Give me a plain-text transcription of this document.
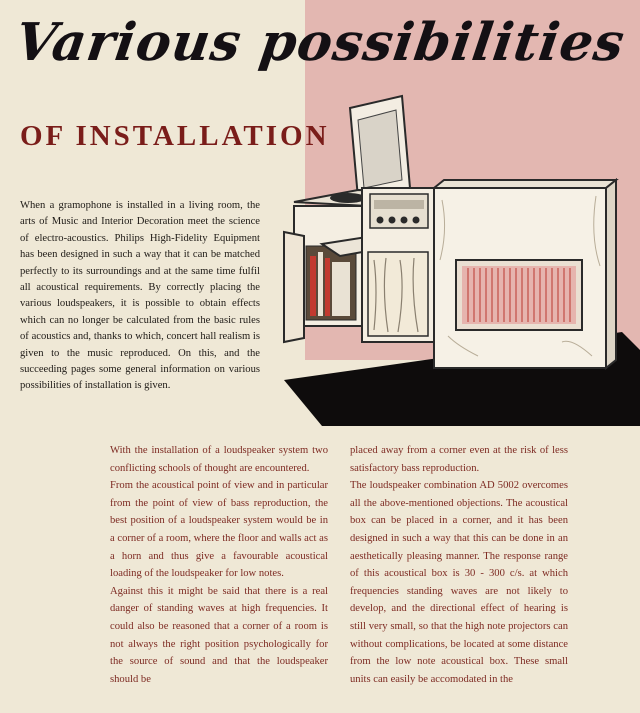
Various possibilities
OF INSTALLATION

When a gramophone is installed in a living room, the arts of Music and Interior Decoration meet the science of electro-acoustics. Philips High-Fidelity Equipment has been designed in such a way that it can be matched perfectly to its surroundings and at the same time fulfil all acoustical requirements. By correctly placing the various loudspeakers, it is possible to obtain effects which can no longer be calculated from the basic rules of acoustics and, thanks to which, concert hall realism is given to the music reproduced. On this, and the succeeding pages some general information on various possibilities of installation is given.

With the installation of a loudspeaker system two conflicting schools of thought are encountered.

From the acoustical point of view and in particular from the point of view of bass reproduction, the best position of a loudspeaker system would be in a corner of a room, where the floor and walls act as a horn and thus give a favourable acoustical loading of the loudspeaker for low notes.

Against this it might be said that there is a real danger of standing waves at high frequencies. It could also be reasoned that a corner of a room is not always the right position psychologically for the source of sound and that the loudspeaker should be

placed away from a corner even at the risk of less satisfactory bass reproduction.

The loudspeaker combination AD 5002 overcomes all the above-mentioned objections. The acoustical box can be placed in a corner, and it has been designed in such a way that this can be done in an aesthetically pleasing manner. The response range of this acoustical box is 30 - 300 c/s. at which frequencies standing waves are not likely to develop, and the directional effect of hearing is still very small, so that the high note projectors can without complications, be located at some distance from the low note acoustical box. These small units can easily be accomodated in the
